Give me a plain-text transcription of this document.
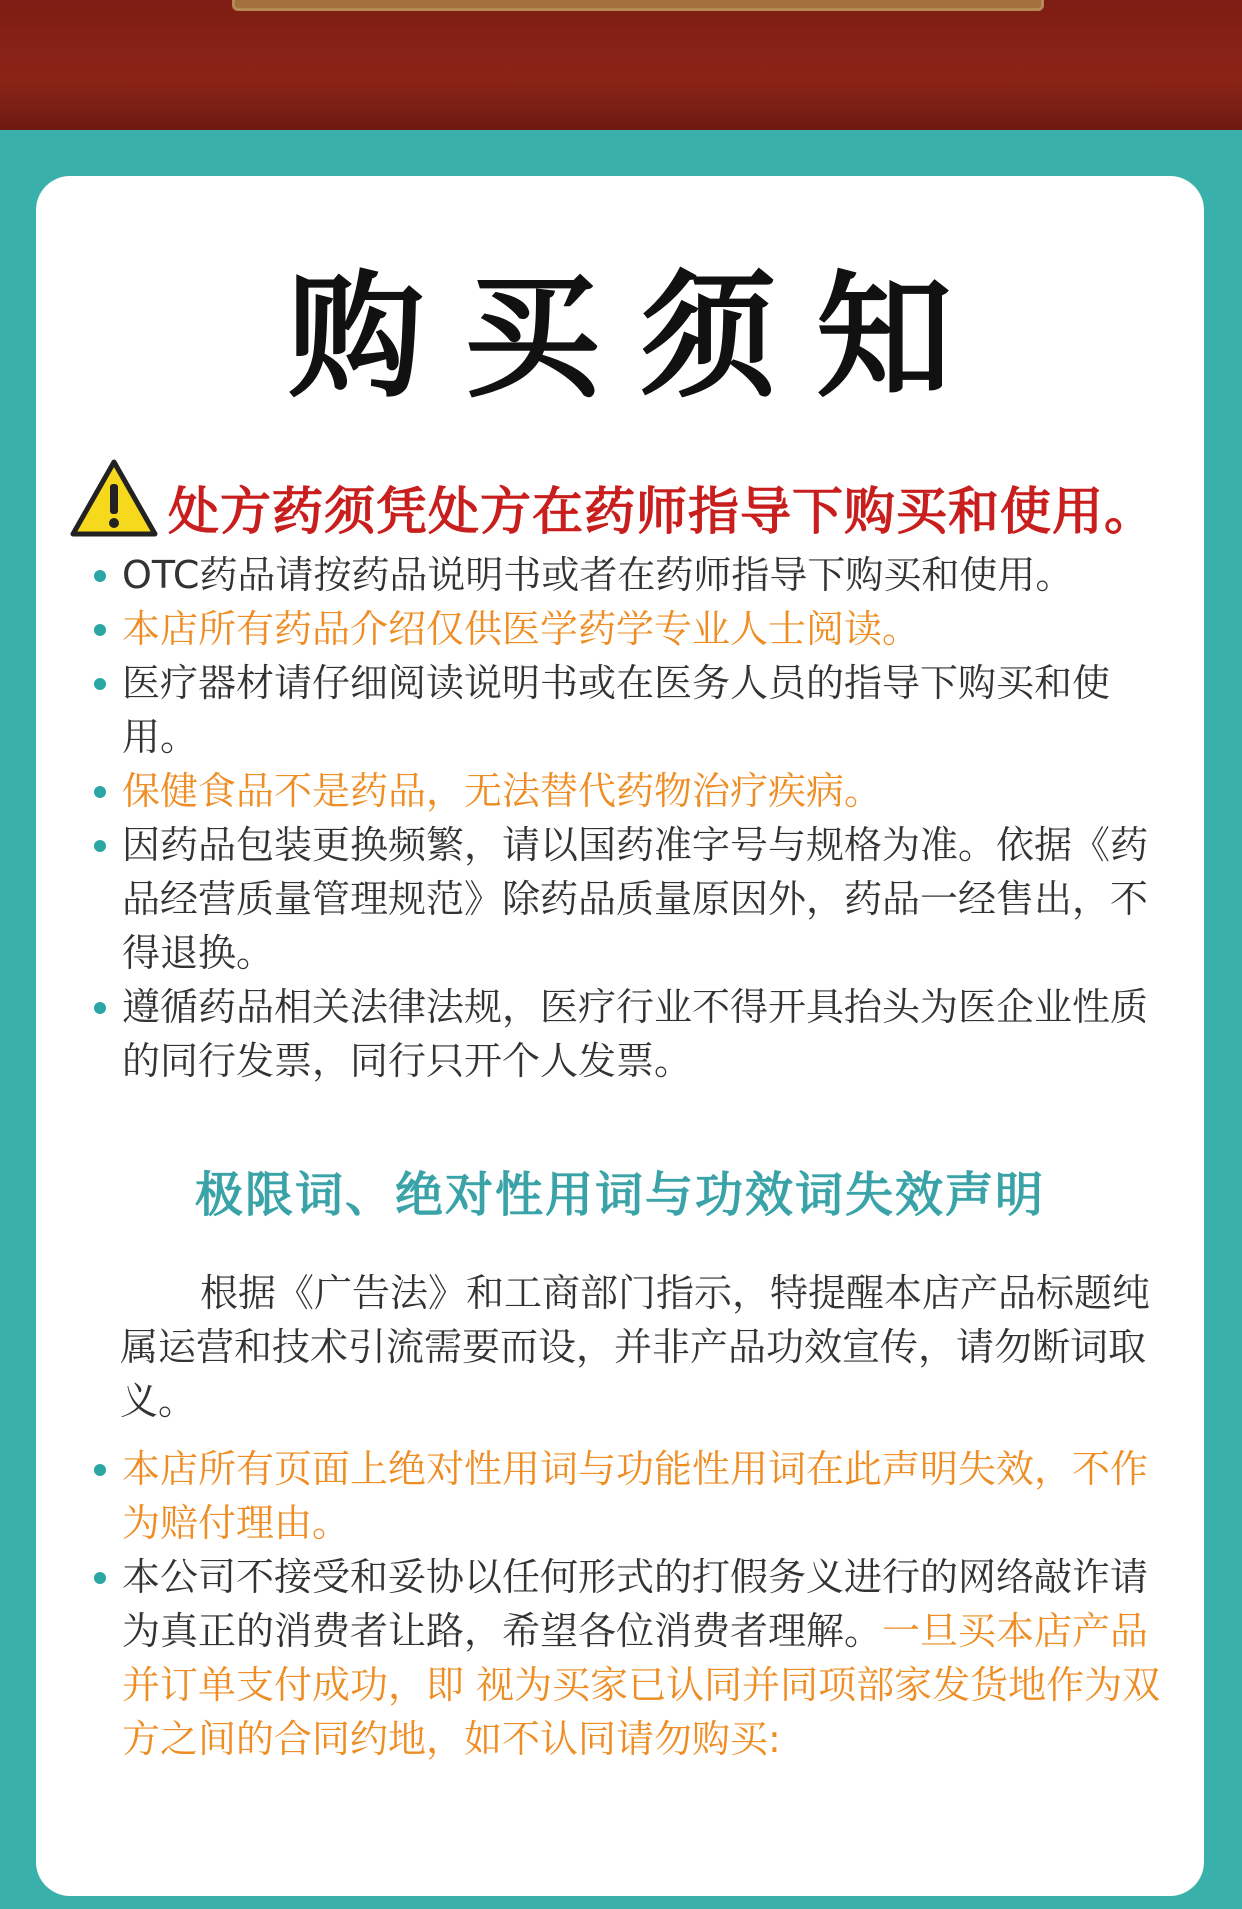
购买须知
处方药须凭处方在药师指导下购买和使用。
OTC药品请按药品说明书或者在药师指导下购买和使用。
本店所有药品介绍仅供医学药学专业人士阅读。
医疗器材请仔细阅读说明书或在医务人员的指导下购买和使用。
保健食品不是药品，无法替代药物治疗疾病。
因药品包装更换频繁，请以国药准字号与规格为准。依据《药品经营质量管理规范》除药品质量原因外，药品一经售出，不得退换。
遵循药品相关法律法规，医疗行业不得开具抬头为医企业性质的同行发票，同行只开个人发票。
极限词、绝对性用词与功效词失效声明
根据《广告法》和工商部门指示，特提醒本店产品标题纯属运营和技术引流需要而设，并非产品功效宣传，请勿断词取义。
本店所有页面上绝对性用词与功能性用词在此声明失效，不作为赔付理由。
本公司不接受和妥协以任何形式的打假务义进行的网络敲诈请为真正的消费者让路，希望各位消费者理解。一旦买本店产品并订单支付成功，即 视为买家已认同并同项部家发货地作为双方之间的合同约地，如不认同请勿购买:
